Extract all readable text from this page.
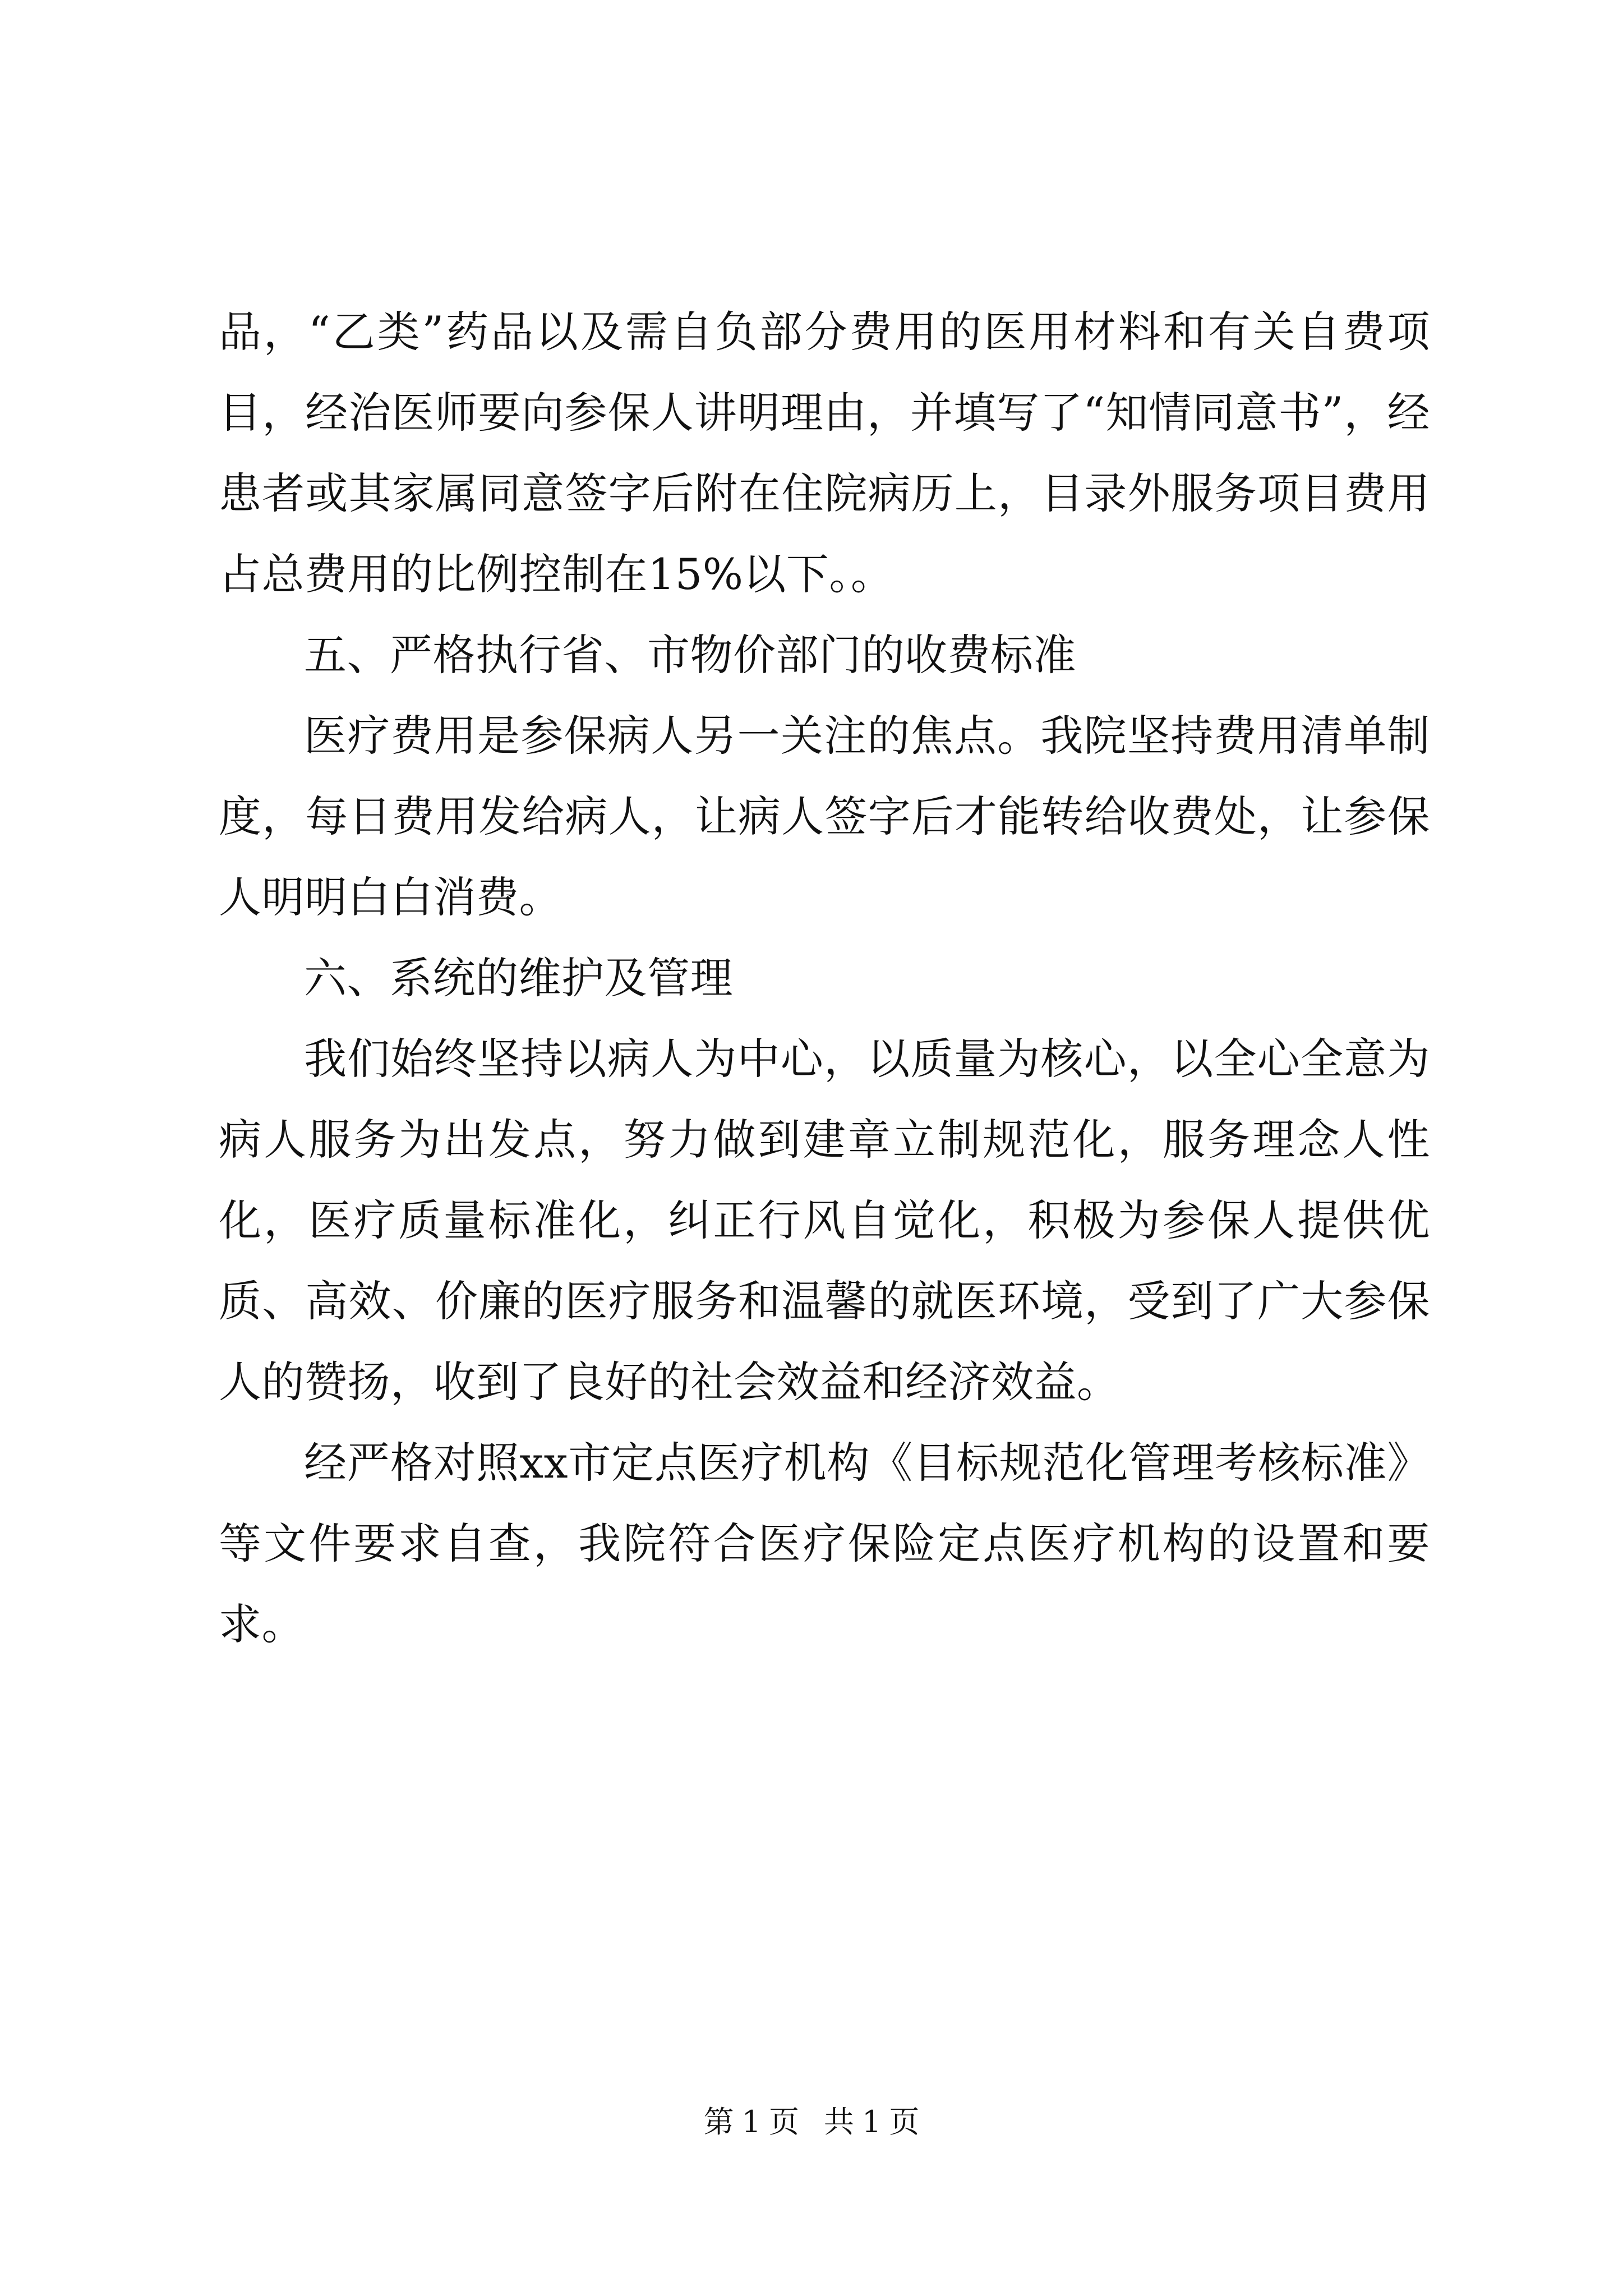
品，“乙类”药品以及需自负部分费用的医用材料和有关自费项目，经治医师要向参保人讲明理由，并填写了“知情同意书”，经患者或其家属同意签字后附在住院病历上，目录外服务项目费用占总费用的比例控制在15%以下。。

五、严格执行省、市物价部门的收费标准

医疗费用是参保病人另一关注的焦点。我院坚持费用清单制度，每日费用发给病人，让病人签字后才能转给收费处，让参保人明明白白消费。

六、系统的维护及管理

我们始终坚持以病人为中心，以质量为核心，以全心全意为病人服务为出发点，努力做到建章立制规范化，服务理念人性化，医疗质量标准化，纠正行风自觉化，积极为参保人提供优质、高效、价廉的医疗服务和温馨的就医环境，受到了广大参保人的赞扬，收到了良好的社会效益和经济效益。

经严格对照xx市定点医疗机构《目标规范化管理考核标准》等文件要求自查，我院符合医疗保险定点医疗机构的设置和要求。

第 1 页 共 1 页
